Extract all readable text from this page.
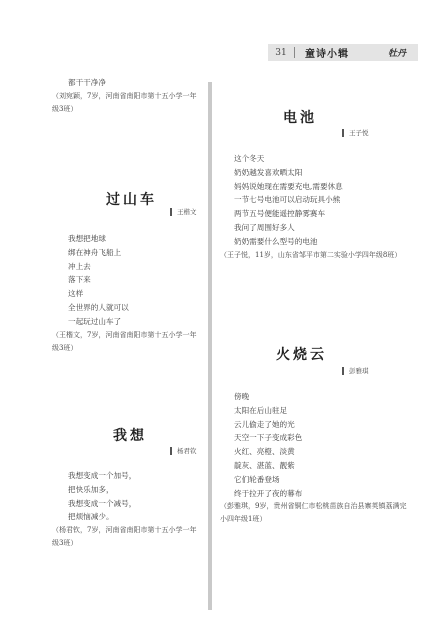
31	童诗小辑	牡丹

都干干净净

（刘宛颖，7岁，河南省南阳市第十五小学一年级3班）

过山车
王楷文

我想把地球

绑在神舟飞船上

冲上去

落下来

这样

全世界的人就可以

一起玩过山车了

（王楷文，7岁，河南省南阳市第十五小学一年级3班）

我想
杨君钦

我想变成一个加号，

把快乐加多，

我想变成一个减号，

把烦恼减少。

（杨君钦，7岁，河南省南阳市第十五小学一年级3班）

电池
王子悦

这个冬天

奶奶越发喜欢晒太阳

妈妈说她现在需要充电,需要休息

一节七号电池可以启动玩具小熊

两节五号便能遥控静雾赛车

我问了周围好多人

奶奶需要什么型号的电池

（王子悦，11岁，山东省邹平市第二实验小学四年级8班）

火烧云
彭雅琪

傍晚

太阳在后山驻足

云儿偷走了她的光

天空一下子变成彩色

火红、亮橙、淡黄

靛灰、湛蓝、靓紫

它们轮番登场

终于拉开了夜的幕布

（彭雅琪，9岁，贵州省铜仁市松桃苗族自治县寨英镇荔满完小四年级1班）
